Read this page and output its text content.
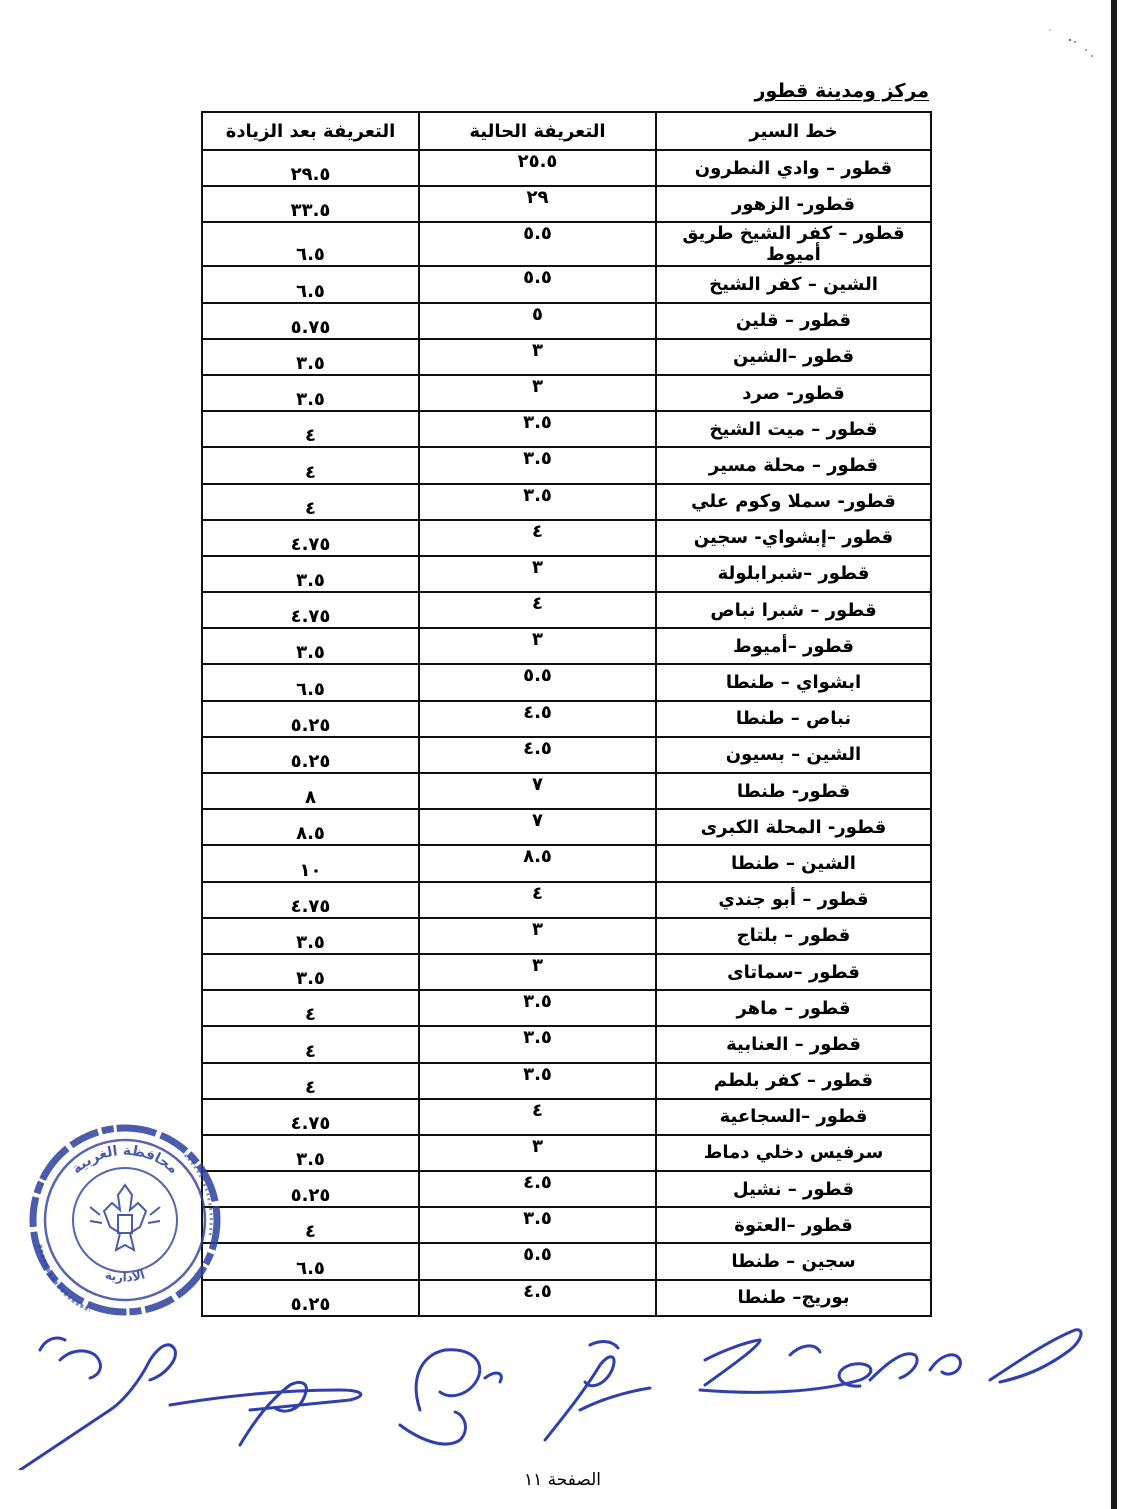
مركز ومدينة قطور
خط السير	التعريفة الحالية	التعريفة بعد الزيادة
قطور – وادي النطرون	٢٥.٥	٢٩.٥
قطور- الزهور	٢٩	٣٣.٥
قطور – كفر الشيخ طريق أميوط	٥.٥	٦.٥
الشين – كفر الشيخ	٥.٥	٦.٥
قطور – قلين	٥	٥.٧٥
قطور –الشين	٣	٣.٥
قطور- صرد	٣	٣.٥
قطور – ميت الشيخ	٣.٥	٤
قطور – محلة مسير	٣.٥	٤
قطور- سملا وكوم علي	٣.٥	٤
قطور –إبشواي- سجين	٤	٤.٧٥
قطور –شبرابلولة	٣	٣.٥
قطور – شبرا نباص	٤	٤.٧٥
قطور –أميوط	٣	٣.٥
ابشواي – طنطا	٥.٥	٦.٥
نباص – طنطا	٤.٥	٥.٢٥
الشين – بسيون	٤.٥	٥.٢٥
قطور- طنطا	٧	٨
قطور- المحلة الكبرى	٧	٨.٥
الشين – طنطا	٨.٥	١٠
قطور – أبو جندي	٤	٤.٧٥
قطور – بلتاج	٣	٣.٥
قطور –سماتاى	٣	٣.٥
قطور – ماهر	٣.٥	٤
قطور – العنابية	٣.٥	٤
قطور – كفر بلطم	٣.٥	٤
قطور –السجاعية	٤	٤.٧٥
سرفيس دخلي دماط	٣	٣.٥
قطور – نشيل	٤.٥	٥.٢٥
قطور –العتوة	٣.٥	٤
سجين – طنطا	٥.٥	٦.٥
بوريج– طنطا	٤.٥	٥.٢٥
محافظة الغربية
الادارية
الصفحة ١١
